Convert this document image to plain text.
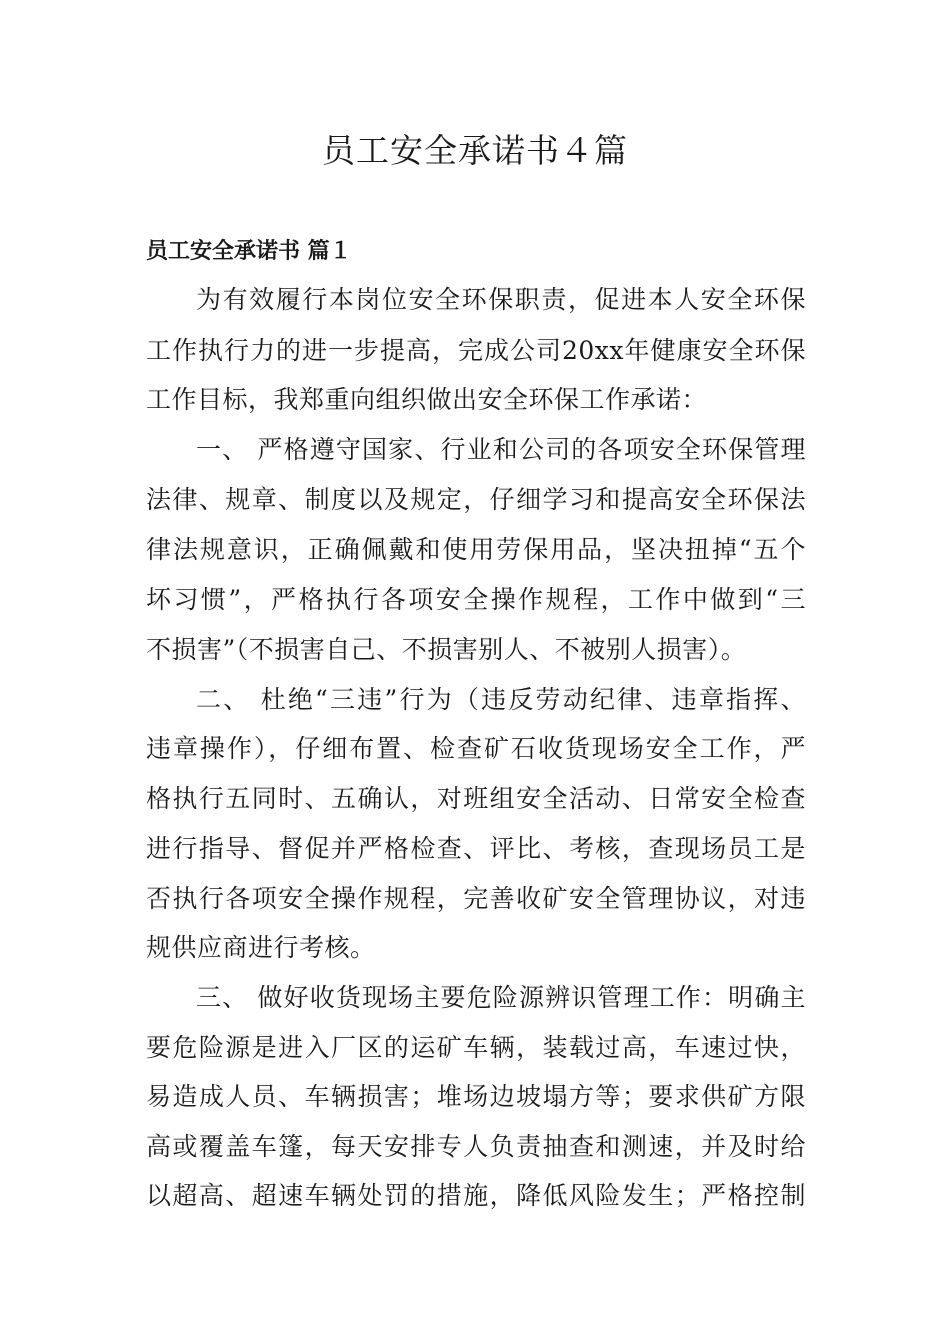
员工安全承诺书４篇
员工安全承诺书 篇１
为有效履行本岗位安全环保职责，促进本人安全环保
工作执行力的进一步提高，完成公司20xx年健康安全环保
工作目标，我郑重向组织做出安全环保工作承诺：
一、 严格遵守国家、行业和公司的各项安全环保管理
法律、规章、制度以及规定，仔细学习和提高安全环保法
律法规意识，正确佩戴和使用劳保用品，坚决扭掉“五个
坏习惯”，严格执行各项安全操作规程，工作中做到“三
不损害”（不损害自己、不损害别人、不被别人损害）。
二、 杜绝“三违”行为（违反劳动纪律、违章指挥、
违章操作），仔细布置、检查矿石收货现场安全工作，严
格执行五同时、五确认，对班组安全活动、日常安全检查
进行指导、督促并严格检查、评比、考核，查现场员工是
否执行各项安全操作规程，完善收矿安全管理协议，对违
规供应商进行考核。
三、 做好收货现场主要危险源辨识管理工作：明确主
要危险源是进入厂区的运矿车辆，装载过高，车速过快，
易造成人员、车辆损害；堆场边坡塌方等；要求供矿方限
高或覆盖车篷，每天安排专人负责抽查和测速，并及时给
以超高、超速车辆处罚的措施，降低风险发生；严格控制
